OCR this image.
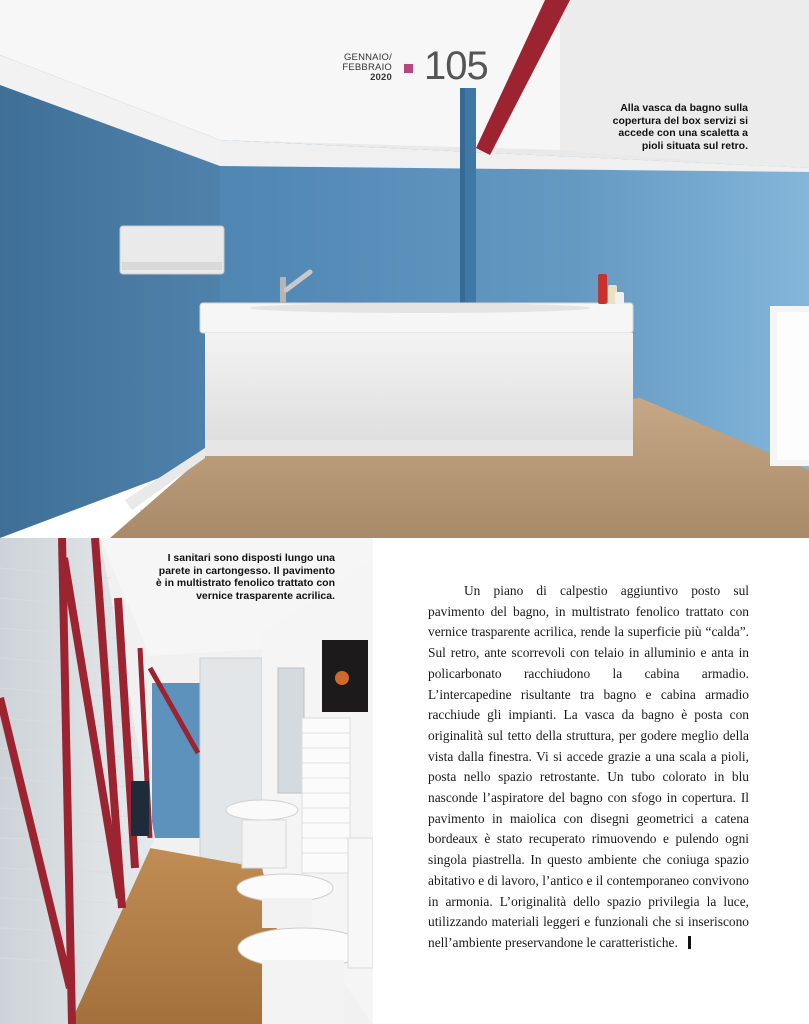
GENNAIO/ FEBBRAIO
2020 105
Alla vasca da bagno sulla copertura del box servizi si accede con una scaletta a pioli situata sul retro.
I sanitari sono disposti lungo una parete in cartongesso. Il pavimento è in multistrato fenolico trattato con vernice trasparente acrilica.	Un piano di calpestio aggiuntivo posto sul pavimento del bagno, in multistrato fenolico trattato con vernice trasparente acrilica, rende la superficie più “calda”. Sul retro, ante scorrevoli con telaio in alluminio e anta in policarbonato racchiudono la cabina armadio. L’intercapedine risultante tra bagno e cabina armadio racchiude gli impianti. La vasca da bagno è posta con originalità sul tetto della struttura, per godere meglio della vista dalla finestra. Vi si accede grazie a una scala a pioli, posta nello spazio retrostante. Un tubo colorato in blu nasconde l’aspiratore del bagno con sfogo in copertura. Il pavimento in maiolica con disegni geometrici a catena bordeaux è stato recuperato rimuovendo e pulendo ogni singola piastrella. In questo ambiente che coniuga spazio abitativo e di lavoro, l’antico e il contemporaneo convivono in armonia. L’originalità dello spazio privilegia la luce, utilizzando materiali leggeri e funzionali che si inseriscono nell’ambiente preservandone le caratteristiche.
